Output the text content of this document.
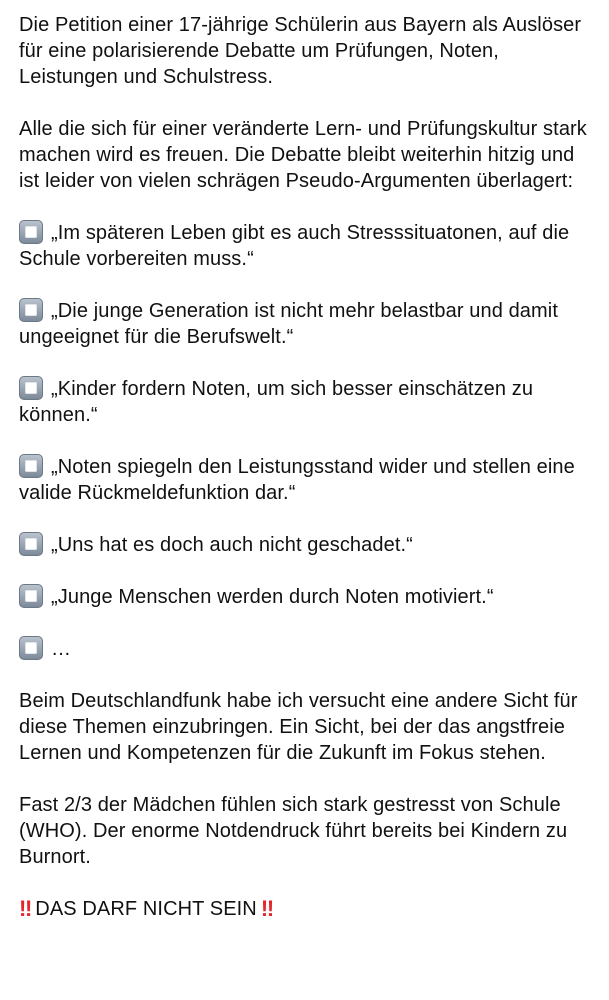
Die Petition einer 17-jährige Schülerin aus Bayern als Auslöser für eine polarisierende Debatte um Prüfungen, Noten, Leistungen und Schulstress.

Alle die sich für einer veränderte Lern- und Prüfungskultur stark machen wird es freuen. Die Debatte bleibt weiterhin hitzig und ist leider von vielen schrägen Pseudo-Argumenten überlagert:

„Im späteren Leben gibt es auch Stresssituatonen, auf die Schule vorbereiten muss.“

„Die junge Generation ist nicht mehr belastbar und damit ungeeignet für die Berufswelt.“

„Kinder fordern Noten, um sich besser einschätzen zu können.“

„Noten spiegeln den Leistungsstand wider und stellen eine valide Rückmeldefunktion dar.“

„Uns hat es doch auch nicht geschadet.“

„Junge Menschen werden durch Noten motiviert.“

…

Beim Deutschlandfunk habe ich versucht eine andere Sicht für diese Themen einzubringen. Ein Sicht, bei der das angstfreie Lernen und Kompetenzen für die Zukunft im Fokus stehen.

Fast 2/3 der Mädchen fühlen sich stark gestresst von Schule (WHO). Der enorme Notdendruck führt bereits bei Kindern zu Burnort.

‼ DAS DARF NICHT SEIN ‼
